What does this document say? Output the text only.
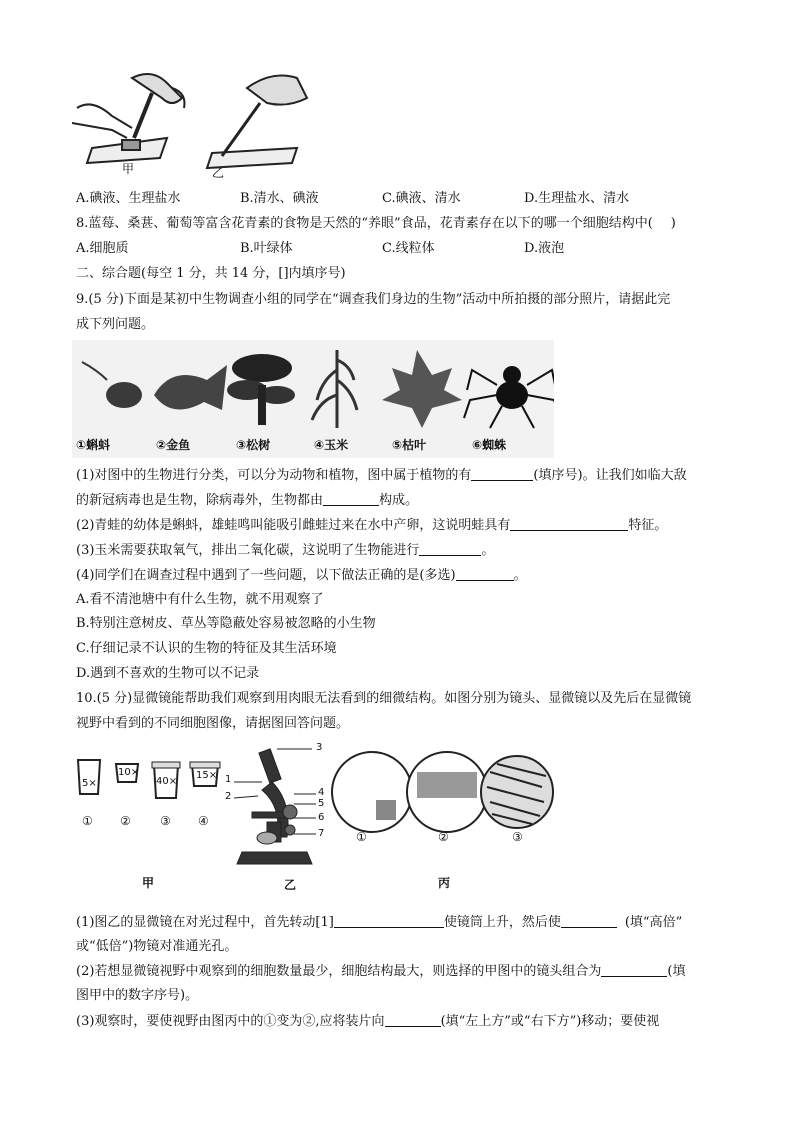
甲	乙
A.碘液、生理盐水	B.清水、碘液	C.碘液、清水	D.生理盐水、清水
8.蓝莓、桑葚、葡萄等富含花青素的食物是天然的“养眼”食品，花青素存在以下的哪一个细胞结构中( )
A.细胞质	B.叶绿体	C.线粒体	D.液泡
二、综合题(每空 1 分，共 14 分，[]内填序号)
9.(5 分)下面是某初中生物调查小组的同学在“调查我们身边的生物”活动中所拍摄的部分照片，请据此完
成下列问题。
①蝌蚪	②金鱼	③松树	④玉米	⑤枯叶	⑥蜘蛛
(1)对图中的生物进行分类，可以分为动物和植物，图中属于植物的有	(填序号)。让我们如临大敌
的新冠病毒也是生物，除病毒外，生物都由	构成。
(2)青蛙的幼体是蝌蚪，雄蛙鸣叫能吸引雌蛙过来在水中产卵，这说明蛙具有	特征。
(3)玉米需要获取氧气，排出二氧化碳，这说明了生物能进行	。
(4)同学们在调查过程中遇到了一些问题，以下做法正确的是(多选)	。
A.看不清池塘中有什么生物，就不用观察了
B.特别注意树皮、草丛等隐蔽处容易被忽略的小生物
C.仔细记录不认识的生物的特征及其生活环境
D.遇到不喜欢的生物可以不记录
10.(5 分)显微镜能帮助我们观察到用肉眼无法看到的细微结构。如图分别为镜头、显微镜以及先后在显微镜
视野中看到的不同细胞图像，请据图回答问题。
5×
10×
40×
15×
① ② ③ ④
1
2
3
4
5
6
7	①	②	③
甲	乙	丙
(1)图乙的显微镜在对光过程中，首先转动[1]	使镜筒上升，然后使	(填“高倍”
或“低倍”)物镜对准通光孔。
(2)若想显微镜视野中观察到的细胞数量最少，细胞结构最大，则选择的甲图中的镜头组合为	(填
图甲中的数字序号)。
(3)观察时，要使视野由图丙中的①变为②,应将装片向	(填“左上方”或“右下方”)移动；要使视
